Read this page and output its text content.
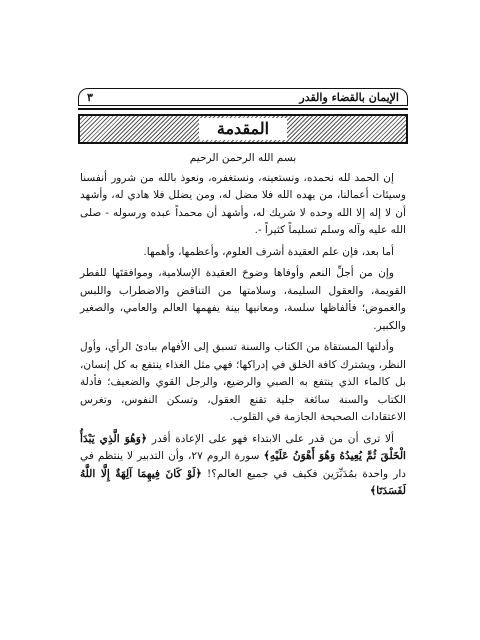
الإيمان بالقضاء والقدر
٣
المقدمة

بسم الله الرحمن الرحيم

إن الحمد لله نحمده، ونستعينه، ونستغفره، ونعوذ بالله من شرور أنفسنا وسيئات أعمالنا، من يهده الله فلا مضل له، ومن يضلل فلا هادي له، وأشهد أن لا إله إلا الله وحده لا شريك له، وأشهد أن محمداً عبده ورسوله - صلى الله عليه وآله وسلم تسليماً كثيراً -.

أما بعد، فإن علم العقيدة أشرف العلوم، وأعظمها، وأهمها.

وإن من أجلِّ النعم وأوفاها وضوحَ العقيدة الإسلامية، وموافقتَها للفطر القويمة، والعقول السليمة، وسلامتها من التناقض والاضطراب واللبس والغموض؛ فألفاظها سلسة، ومعانيها بينة يفهمها العالم والعامي، والصغير والكبير.

وأدلتها المستقاة من الكتاب والسنة تسبق إلى الأفهام ببادئ الرأي، وأول النظر، ويشترك كافة الخلق في إدراكها؛ فهي مثل الغذاء ينتفع به كل إنسان، بل كالماء الذي ينتفع به الصبي والرضيع، والرجل القوي والضعيف؛ فأدلة الكتاب والسنة سائغة جلية تقنع العقول، وتسكن النفوس، وتغرس الاعتقادات الصحيحة الجازمة في القلوب.

ألا ترى أن من قدر على الابتداء فهو على الإعادة أقدر ﴿وَهُوَ الَّذِي يَبْدَأُ الْخَلْقَ ثُمَّ يُعِيدُهُ وَهُوَ أَهْوَنُ عَلَيْهِ﴾ سورة الروم ٢٧، وأن التدبير لا ينتظم في دار واحدة بمُدَبِّرَين فكيف في جميع العالم؟! ﴿لَوْ كَانَ فِيهِمَا آلِهَةٌ إِلَّا اللَّهُ لَفَسَدَتَا﴾
